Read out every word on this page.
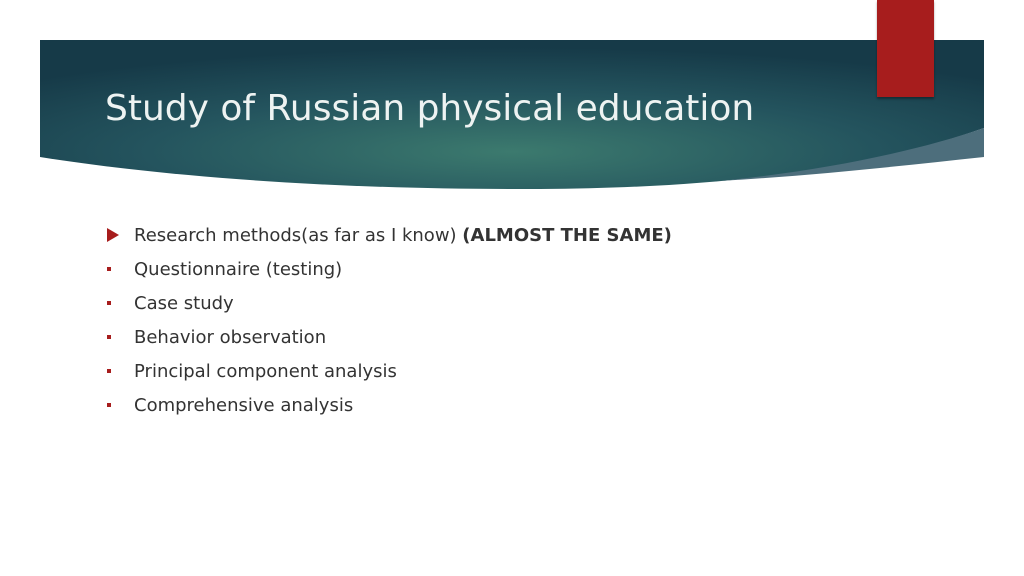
Study of Russian physical education
Research methods(as far as I know) (ALMOST THE SAME)
Questionnaire (testing)
Case study
Behavior observation
Principal component analysis
Comprehensive analysis
